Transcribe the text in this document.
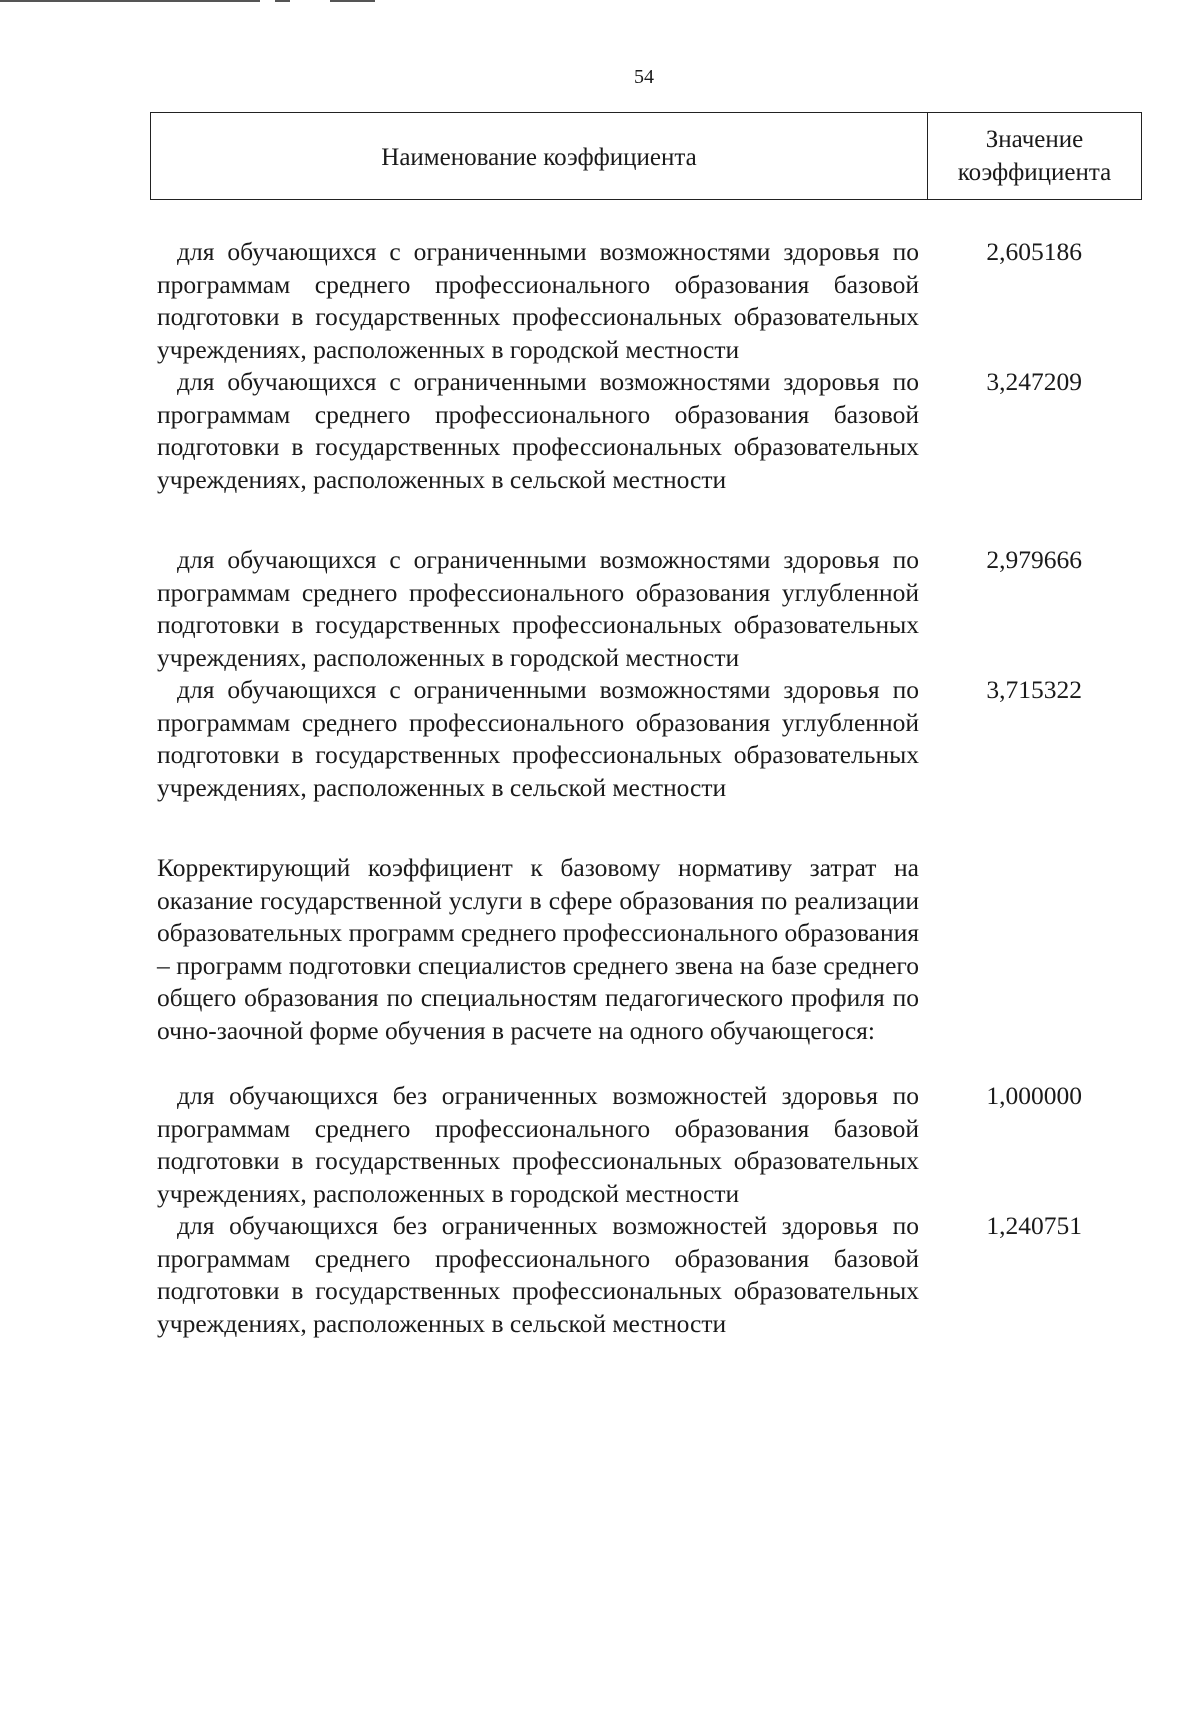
54
Наименование коэффициента
Значение коэффициента
для обучающихся с ограниченными возможностями здоровья по программам среднего профессионального образования базовой подготовки в государственных профессиональных образовательных учреждениях, расположенных в городской местности
2,605186
для обучающихся с ограниченными возможностями здоровья по программам среднего профессионального образования базовой подготовки в государственных профессиональных образовательных учреждениях, расположенных в сельской местности
3,247209
для обучающихся с ограниченными возможностями здоровья по программам среднего профессионального образования углубленной подготовки в государственных профессиональных образовательных учреждениях, расположенных в городской местности
2,979666
для обучающихся с ограниченными возможностями здоровья по программам среднего профессионального образования углубленной подготовки в государственных профессиональных образовательных учреждениях, расположенных в сельской местности
3,715322
Корректирующий коэффициент к базовому нормативу затрат на оказание государственной услуги в сфере образования по реализации образовательных программ среднего профессионального образования – программ подготовки специалистов среднего звена на базе среднего общего образования по специальностям педагогического профиля по очно-заочной форме обучения в расчете на одного обучающегося:
для обучающихся без ограниченных возможностей здоровья по программам среднего профессионального образования базовой подготовки в государственных профессиональных образовательных учреждениях, расположенных в городской местности
1,000000
для обучающихся без ограниченных возможностей здоровья по программам среднего профессионального образования базовой подготовки в государственных профессиональных образовательных учреждениях, расположенных в сельской местности
1,240751
